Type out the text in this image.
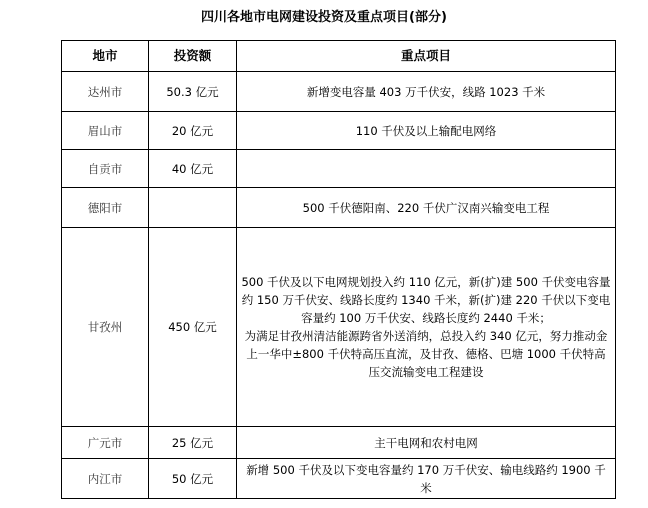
四川各地市电网建设投资及重点项目(部分)
地市	投资额	重点项目
达州市	50.3 亿元	新增变电容量 403 万千伏安，线路 1023 千米
眉山市	20 亿元	110 千伏及以上输配电网络
自贡市	40 亿元	
德阳市		500 千伏德阳南、220 千伏广汉南兴输变电工程
甘孜州	450 亿元	500 千伏及以下电网规划投入约 110 亿元，新(扩)建 500 千伏变电容量约 150 万千伏安、线路长度约 1340 千米，新(扩)建 220 千伏以下变电容量约 100 万千伏安、线路长度约 2440 千米；
为满足甘孜州清洁能源跨省外送消纳，总投入约 340 亿元，努力推动金上一华中±800 千伏特高压直流，及甘孜、德格、巴塘 1000 千伏特高压交流输变电工程建设

广元市	25 亿元	主干电网和农村电网
内江市	50 亿元	新增 500 千伏及以下变电容量约 170 万千伏安、输电线路约 1900 千米
